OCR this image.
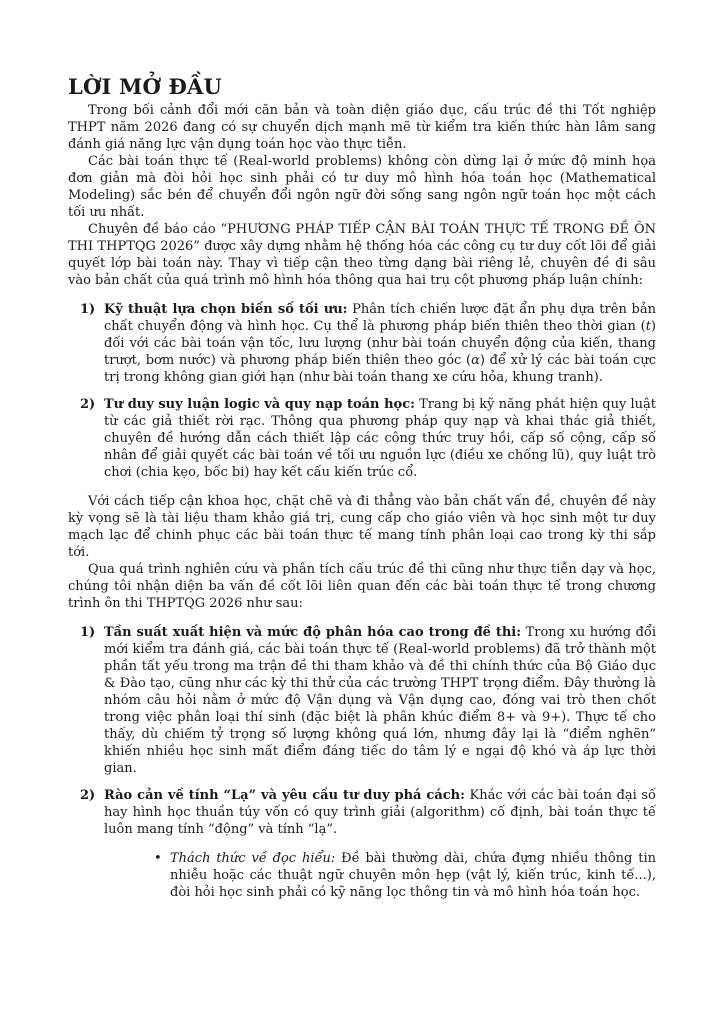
LỜI MỞ ĐẦU

Trong bối cảnh đổi mới căn bản và toàn diện giáo dục, cấu trúc đề thi Tốt nghiệp THPT năm 2026 đang có sự chuyển dịch mạnh mẽ từ kiểm tra kiến thức hàn lâm sang đánh giá năng lực vận dụng toán học vào thực tiễn.

Các bài toán thực tế (Real-world problems) không còn dừng lại ở mức độ minh họa đơn giản mà đòi hỏi học sinh phải có tư duy mô hình hóa toán học (Mathematical Modeling) sắc bén để chuyển đổi ngôn ngữ đời sống sang ngôn ngữ toán học một cách tối ưu nhất.

Chuyên đề báo cáo “PHƯƠNG PHÁP TIẾP CẬN BÀI TOÁN THỰC TẾ TRONG ĐỀ ÔN THI THPTQG 2026” được xây dựng nhằm hệ thống hóa các công cụ tư duy cốt lõi để giải quyết lớp bài toán này. Thay vì tiếp cận theo từng dạng bài riêng lẻ, chuyên đề đi sâu vào bản chất của quá trình mô hình hóa thông qua hai trụ cột phương pháp luận chính:

1) Kỹ thuật lựa chọn biến số tối ưu: Phân tích chiến lược đặt ẩn phụ dựa trên bản chất chuyển động và hình học. Cụ thể là phương pháp biến thiên theo thời gian (t) đối với các bài toán vận tốc, lưu lượng (như bài toán chuyển động của kiến, thang trượt, bơm nước) và phương pháp biến thiên theo góc (α) để xử lý các bài toán cực trị trong không gian giới hạn (như bài toán thang xe cứu hỏa, khung tranh).
2) Tư duy suy luận logic và quy nạp toán học: Trang bị kỹ năng phát hiện quy luật từ các giả thiết rời rạc. Thông qua phương pháp quy nạp và khai thác giả thiết, chuyên đề hướng dẫn cách thiết lập các công thức truy hồi, cấp số cộng, cấp số nhân để giải quyết các bài toán về tối ưu nguồn lực (điều xe chống lũ), quy luật trò chơi (chia kẹo, bốc bi) hay kết cấu kiến trúc cổ.

Với cách tiếp cận khoa học, chặt chẽ và đi thẳng vào bản chất vấn đề, chuyên đề này kỳ vọng sẽ là tài liệu tham khảo giá trị, cung cấp cho giáo viên và học sinh một tư duy mạch lạc để chinh phục các bài toán thực tế mang tính phân loại cao trong kỳ thi sắp tới.

Qua quá trình nghiên cứu và phân tích cấu trúc đề thi cũng như thực tiễn dạy và học, chúng tôi nhận diện ba vấn đề cốt lõi liên quan đến các bài toán thực tế trong chương trình ôn thi THPTQG 2026 như sau:

1) Tần suất xuất hiện và mức độ phân hóa cao trong đề thi: Trong xu hướng đổi mới kiểm tra đánh giá, các bài toán thực tế (Real-world problems) đã trở thành một phần tất yếu trong ma trận đề thi tham khảo và đề thi chính thức của Bộ Giáo dục & Đào tạo, cũng như các kỳ thi thử của các trường THPT trọng điểm. Đây thường là nhóm câu hỏi nằm ở mức độ Vận dụng và Vận dụng cao, đóng vai trò then chốt trong việc phân loại thí sinh (đặc biệt là phân khúc điểm 8+ và 9+). Thực tế cho thấy, dù chiếm tỷ trọng số lượng không quá lớn, nhưng đây lại là “điểm nghẽn” khiến nhiều học sinh mất điểm đáng tiếc do tâm lý e ngại độ khó và áp lực thời gian.
2) Rào cản về tính “Lạ” và yêu cầu tư duy phá cách: Khác với các bài toán đại số hay hình học thuần túy vốn có quy trình giải (algorithm) cố định, bài toán thực tế luôn mang tính “động” và tính “lạ”.
• Thách thức về đọc hiểu: Đề bài thường dài, chứa đựng nhiều thông tin nhiễu hoặc các thuật ngữ chuyên môn hẹp (vật lý, kiến trúc, kinh tế...), đòi hỏi học sinh phải có kỹ năng lọc thông tin và mô hình hóa toán học.
